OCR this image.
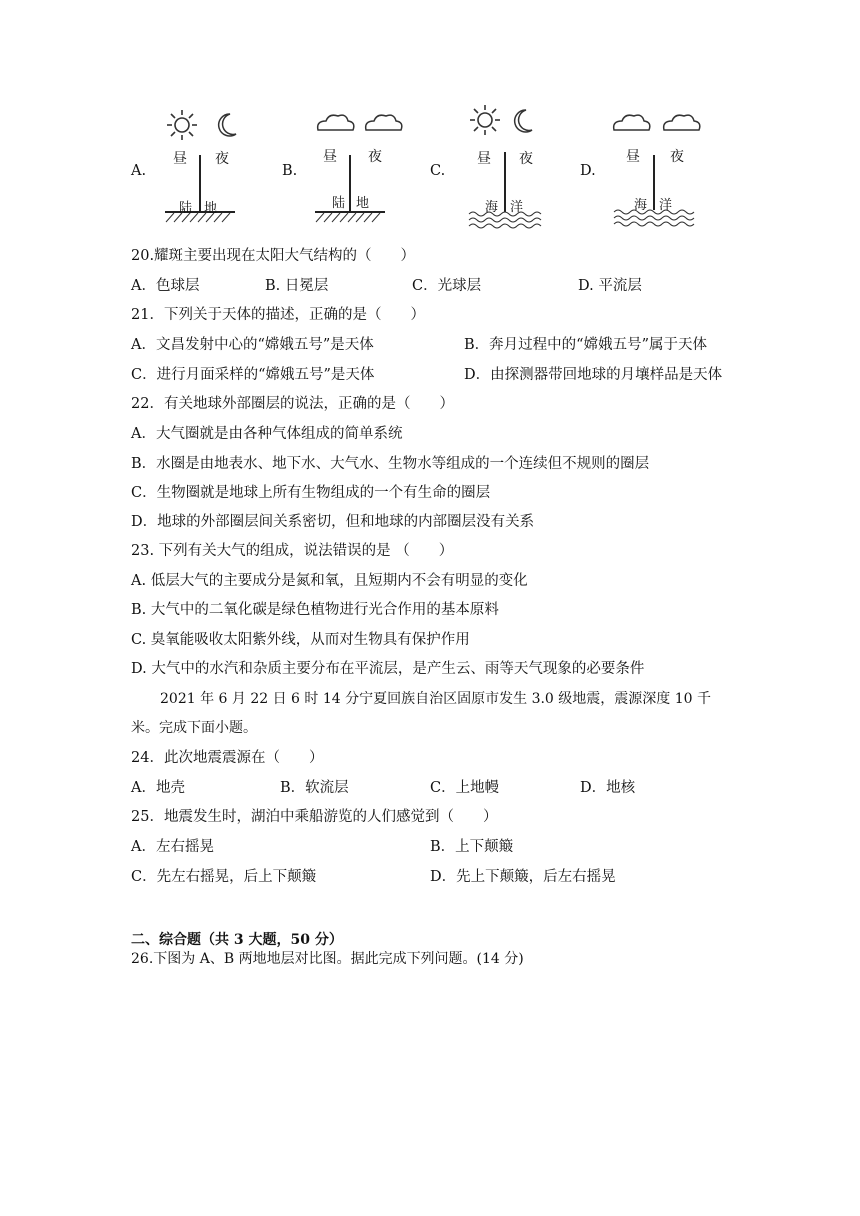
A.	B.	C.	D.
昼 夜
陆 地
昼 夜
陆 地
昼 夜
海 洋
昼 夜
海 洋
20.耀斑主要出现在太阳大气结构的（　　）
A．色球层	B. 日冕层	C．光球层	D. 平流层
21．下列关于天体的描述，正确的是（　　）
A．文昌发射中心的“嫦娥五号”是天体	B．奔月过程中的“嫦娥五号”属于天体
C．进行月面采样的“嫦娥五号”是天体	D．由探测器带回地球的月壤样品是天体
22．有关地球外部圈层的说法，正确的是（　　）
A．大气圈就是由各种气体组成的简单系统
B．水圈是由地表水、地下水、大气水、生物水等组成的一个连续但不规则的圈层
C．生物圈就是地球上所有生物组成的一个有生命的圈层
D．地球的外部圈层间关系密切，但和地球的内部圈层没有关系
23. 下列有关大气的组成，说法错误的是 （　　）
A. 低层大气的主要成分是氮和氧，且短期内不会有明显的变化
B. 大气中的二氧化碳是绿色植物进行光合作用的基本原料
C. 臭氧能吸收太阳紫外线，从而对生物具有保护作用
D. 大气中的水汽和杂质主要分布在平流层，是产生云、雨等天气现象的必要条件
2021 年 6 月 22 日 6 时 14 分宁夏回族自治区固原市发生 3.0 级地震，震源深度 10 千
米。完成下面小题。
24．此次地震震源在（　　）
A．地壳	B．软流层	C．上地幔	D．地核
25．地震发生时，湖泊中乘船游览的人们感觉到（　　）
A．左右摇晃	B．上下颠簸
C．先左右摇晃，后上下颠簸	D．先上下颠簸，后左右摇晃
二、综合题（共 3 大题，50 分）
26.下图为 A、B 两地地层对比图。据此完成下列问题。(14 分)
